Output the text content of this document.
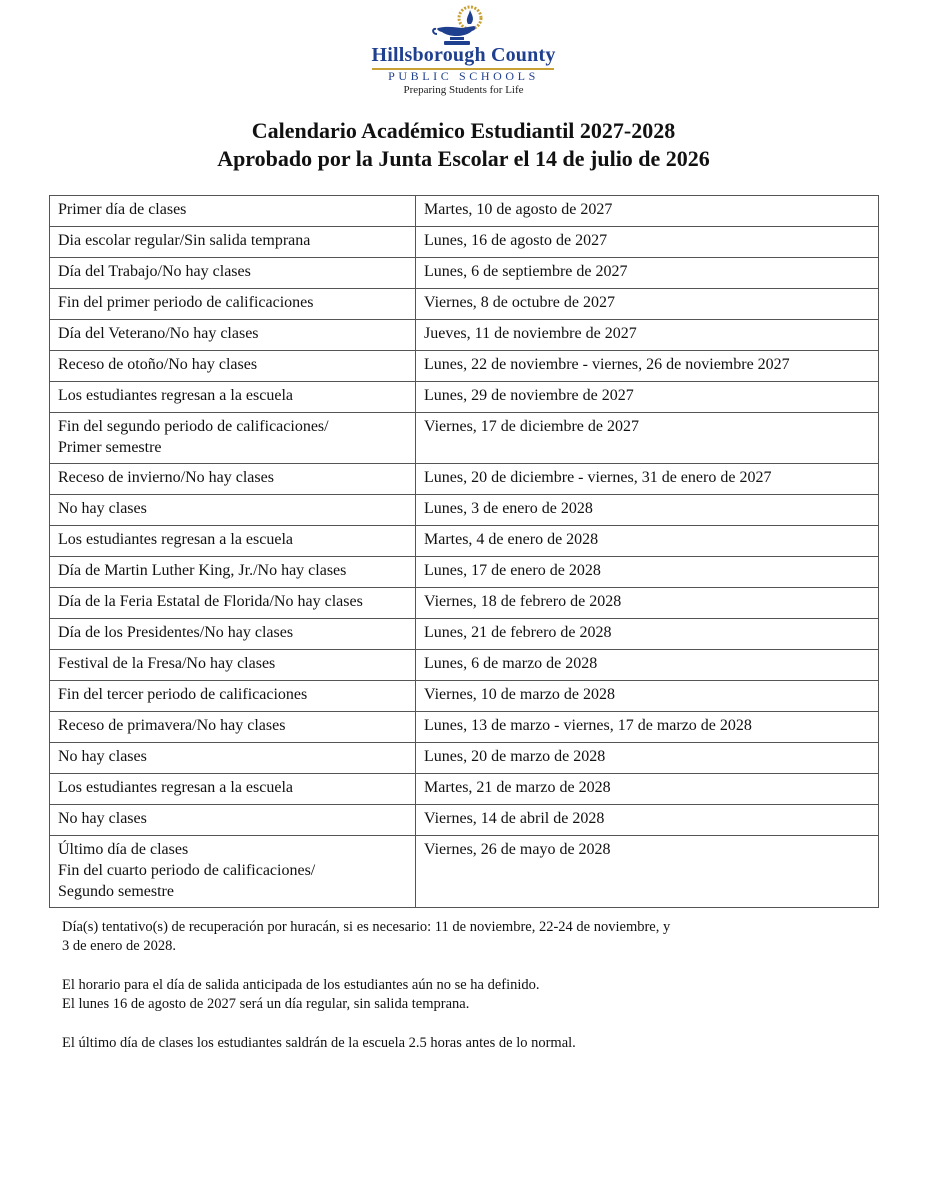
Hillsborough County
PUBLIC SCHOOLS
Preparing Students for Life
Calendario Académico Estudiantil 2027-2028
Aprobado por la Junta Escolar el 14 de julio de 2026
Primer día de clases	Martes, 10 de agosto de 2027

Dia escolar regular/Sin salida temprana	Lunes, 16 de agosto de 2027

Día del Trabajo/No hay clases	Lunes, 6 de septiembre de 2027

Fin del primer periodo de calificaciones	Viernes, 8 de octubre de 2027

Día del Veterano/No hay clases	Jueves, 11 de noviembre de 2027

Receso de otoño/No hay clases	Lunes, 22 de noviembre - viernes, 26 de noviembre 2027

Los estudiantes regresan a la escuela	Lunes, 29 de noviembre de 2027

Fin del segundo periodo de calificaciones/
Primer semestre	Viernes, 17 de diciembre de 2027

Receso de invierno/No hay clases	Lunes, 20 de diciembre - viernes, 31 de enero de 2027

No hay clases	Lunes, 3 de enero de 2028

Los estudiantes regresan a la escuela	Martes, 4 de enero de 2028

Día de Martin Luther King, Jr./No hay clases	Lunes, 17 de enero de 2028

Día de la Feria Estatal de Florida/No hay clases	Viernes, 18 de febrero de 2028

Día de los Presidentes/No hay clases	Lunes, 21 de febrero de 2028

Festival de la Fresa/No hay clases	Lunes, 6 de marzo de 2028

Fin del tercer periodo de calificaciones	Viernes, 10 de marzo de 2028

Receso de primavera/No hay clases	Lunes, 13 de marzo - viernes, 17 de marzo de 2028

No hay clases	Lunes, 20 de marzo de 2028

Los estudiantes regresan a la escuela	Martes, 21 de marzo de 2028

No hay clases	Viernes, 14 de abril de 2028

Último día de clases
Fin del cuarto periodo de calificaciones/
Segundo semestre	Viernes, 26 de mayo de 2028
Día(s) tentativo(s) de recuperación por huracán, si es necesario: 11 de noviembre, 22-24 de noviembre, y
3 de enero de 2028.
El horario para el día de salida anticipada de los estudiantes aún no se ha definido.
El lunes 16 de agosto de 2027 será un día regular, sin salida temprana.
El último día de clases los estudiantes saldrán de la escuela 2.5 horas antes de lo normal.
